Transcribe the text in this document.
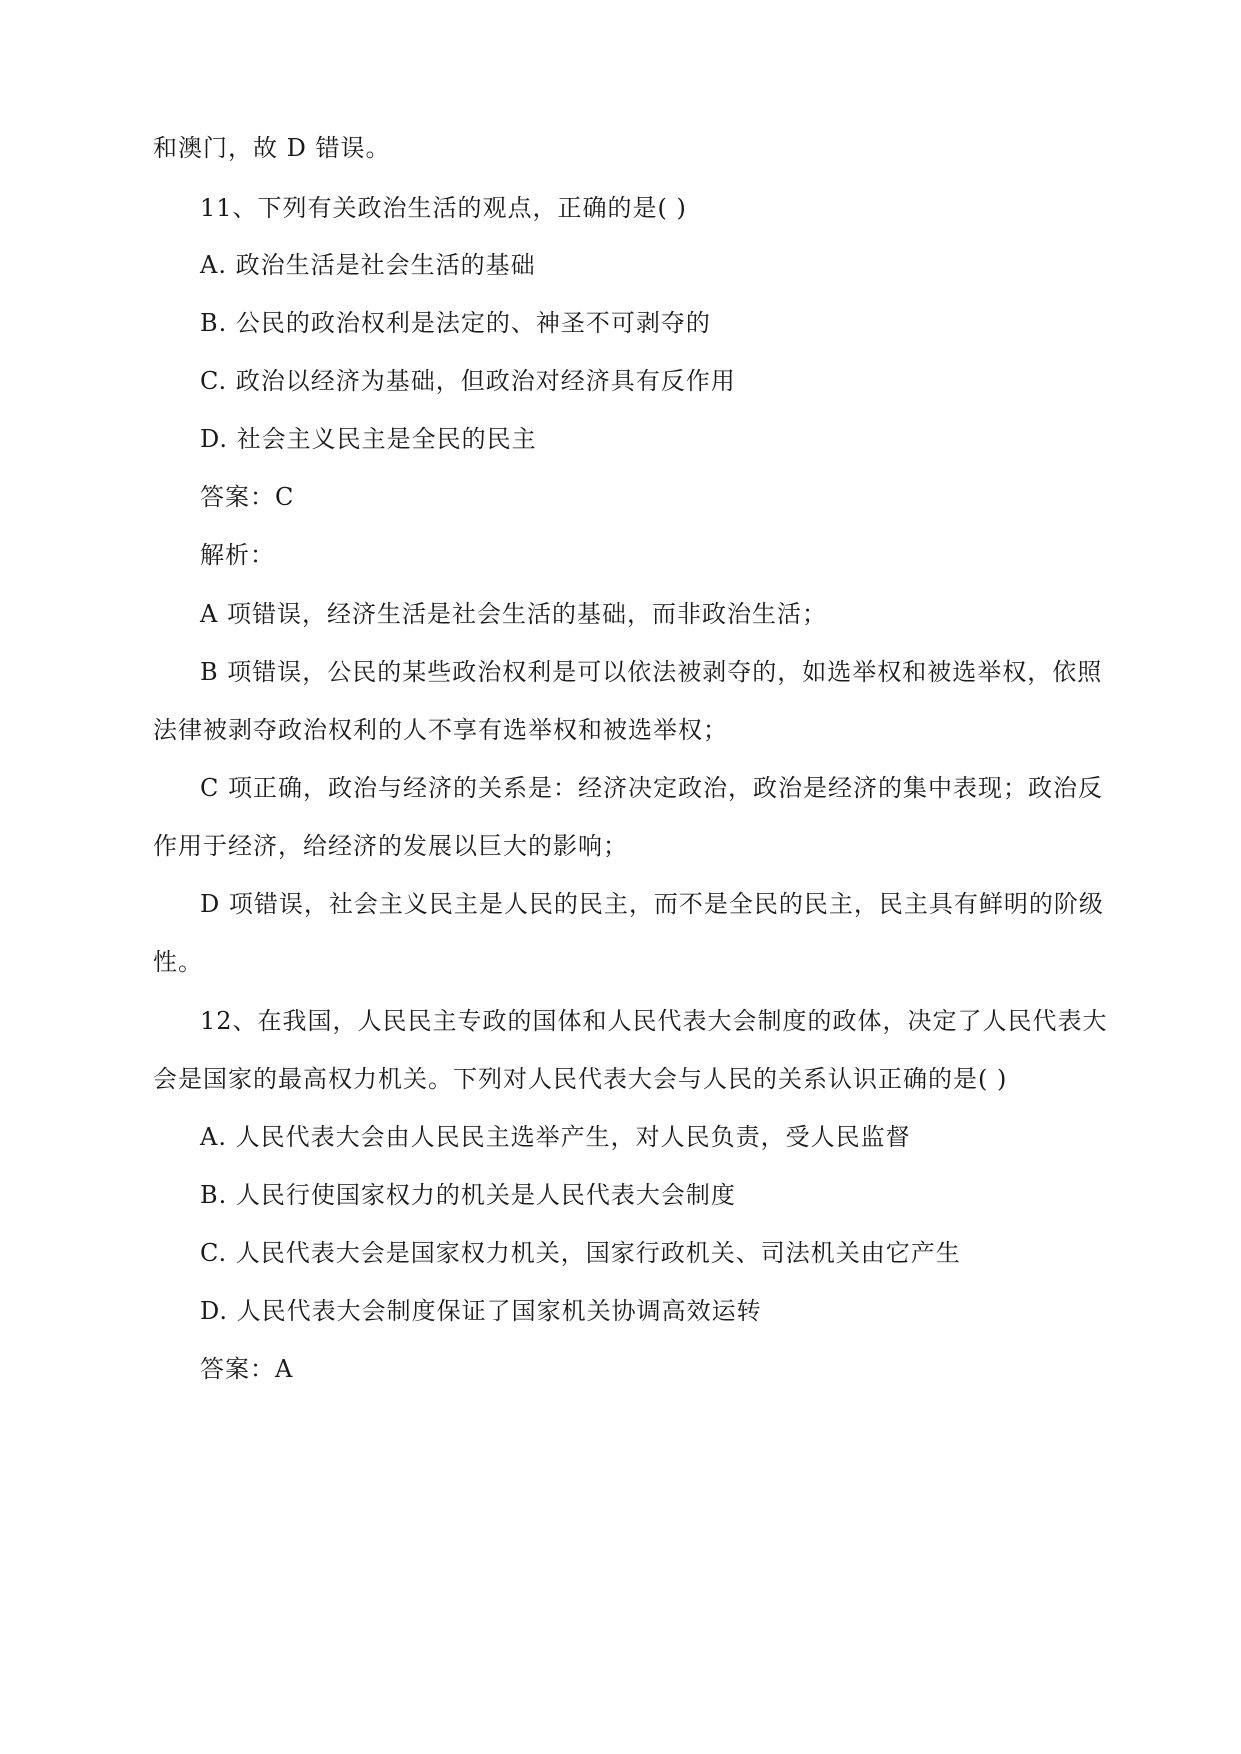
和澳门，故 D 错误。
11、下列有关政治生活的观点，正确的是( )
A. 政治生活是社会生活的基础
B. 公民的政治权利是法定的、神圣不可剥夺的
C. 政治以经济为基础，但政治对经济具有反作用
D. 社会主义民主是全民的民主
答案：C
解析：
A 项错误，经济生活是社会生活的基础，而非政治生活；
B 项错误，公民的某些政治权利是可以依法被剥夺的，如选举权和被选举权，依照
法律被剥夺政治权利的人不享有选举权和被选举权；
C 项正确，政治与经济的关系是：经济决定政治，政治是经济的集中表现；政治反
作用于经济，给经济的发展以巨大的影响；
D 项错误，社会主义民主是人民的民主，而不是全民的民主，民主具有鲜明的阶级
性。
12、在我国，人民民主专政的国体和人民代表大会制度的政体，决定了人民代表大
会是国家的最高权力机关。下列对人民代表大会与人民的关系认识正确的是( )
A. 人民代表大会由人民民主选举产生，对人民负责，受人民监督
B. 人民行使国家权力的机关是人民代表大会制度
C. 人民代表大会是国家权力机关，国家行政机关、司法机关由它产生
D. 人民代表大会制度保证了国家机关协调高效运转
答案：A
